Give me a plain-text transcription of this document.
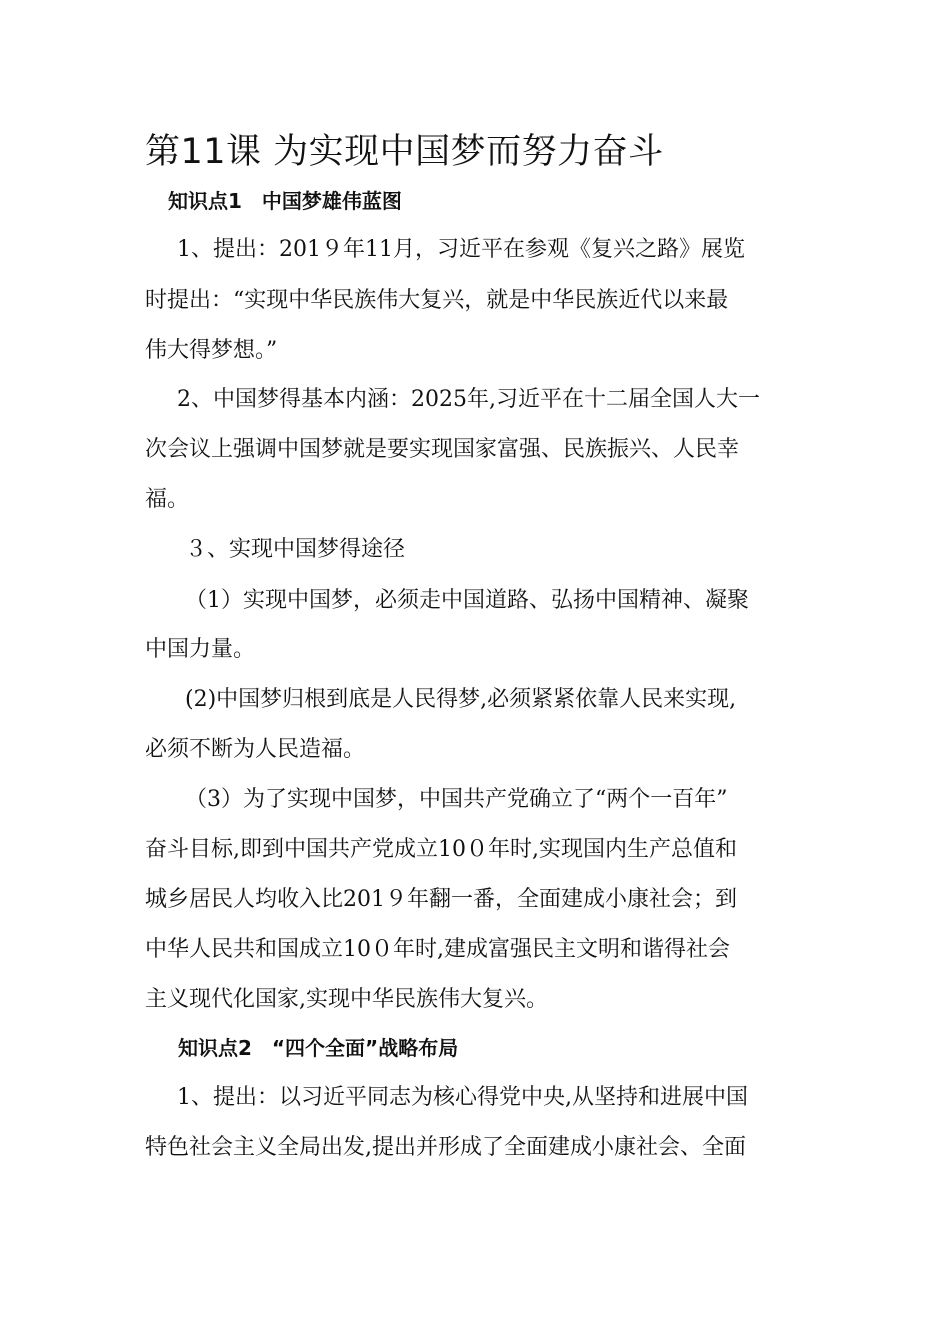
第11课 为实现中国梦而努力奋斗
知识点1　中国梦雄伟蓝图
1、提出：201９年11月，习近平在参观《复兴之路》展览
时提出：“实现中华民族伟大复兴，就是中华民族近代以来最
伟大得梦想。”
2、中国梦得基本内涵：2025年,习近平在十二届全国人大一
次会议上强调中国梦就是要实现国家富强、民族振兴、人民幸
福。
３、实现中国梦得途径
（1）实现中国梦，必须走中国道路、弘扬中国精神、凝聚
中国力量。
(2)中国梦归根到底是人民得梦,必须紧紧依靠人民来实现,
必须不断为人民造福。
（3）为了实现中国梦，中国共产党确立了“两个一百年”
奋斗目标,即到中国共产党成立10０年时,实现国内生产总值和
城乡居民人均收入比201９年翻一番，全面建成小康社会；到
中华人民共和国成立10０年时,建成富强民主文明和谐得社会
主义现代化国家,实现中华民族伟大复兴。
知识点2　“四个全面”战略布局
1、提出：以习近平同志为核心得党中央,从坚持和进展中国
特色社会主义全局出发,提出并形成了全面建成小康社会、全面
